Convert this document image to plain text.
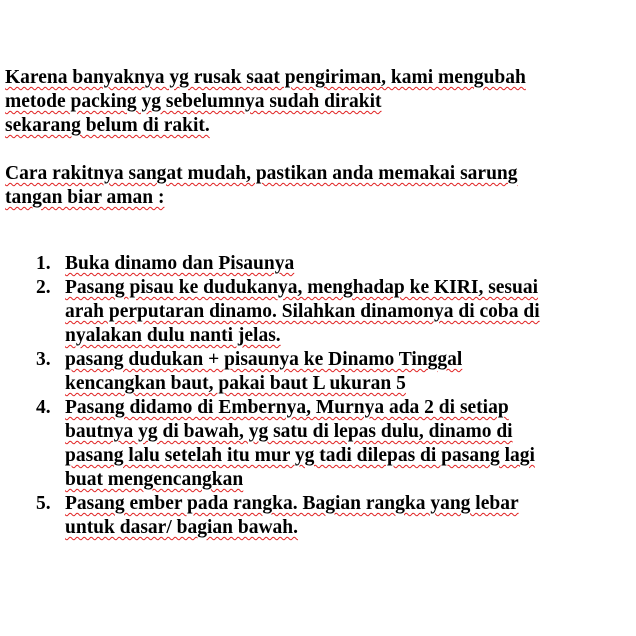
Karena banyaknya yg rusak saat pengiriman, kami mengubah
metode packing yg sebelumnya sudah dirakit
sekarang belum di rakit.
Cara rakitnya sangat mudah, pastikan anda memakai sarung
tangan biar aman :
1. Buka dinamo dan Pisaunya
2. Pasang pisau ke dudukanya, menghadap ke KIRI, sesuai
arah perputaran dinamo. Silahkan dinamonya di coba di
nyalakan dulu nanti jelas.
3. pasang dudukan + pisaunya ke Dinamo Tinggal
kencangkan baut, pakai baut L ukuran 5
4. Pasang didamo di Embernya, Murnya ada 2 di setiap
bautnya yg di bawah, yg satu di lepas dulu, dinamo di
pasang lalu setelah itu mur yg tadi dilepas di pasang lagi
buat mengencangkan
5. Pasang ember pada rangka. Bagian rangka yang lebar
untuk dasar/ bagian bawah.
